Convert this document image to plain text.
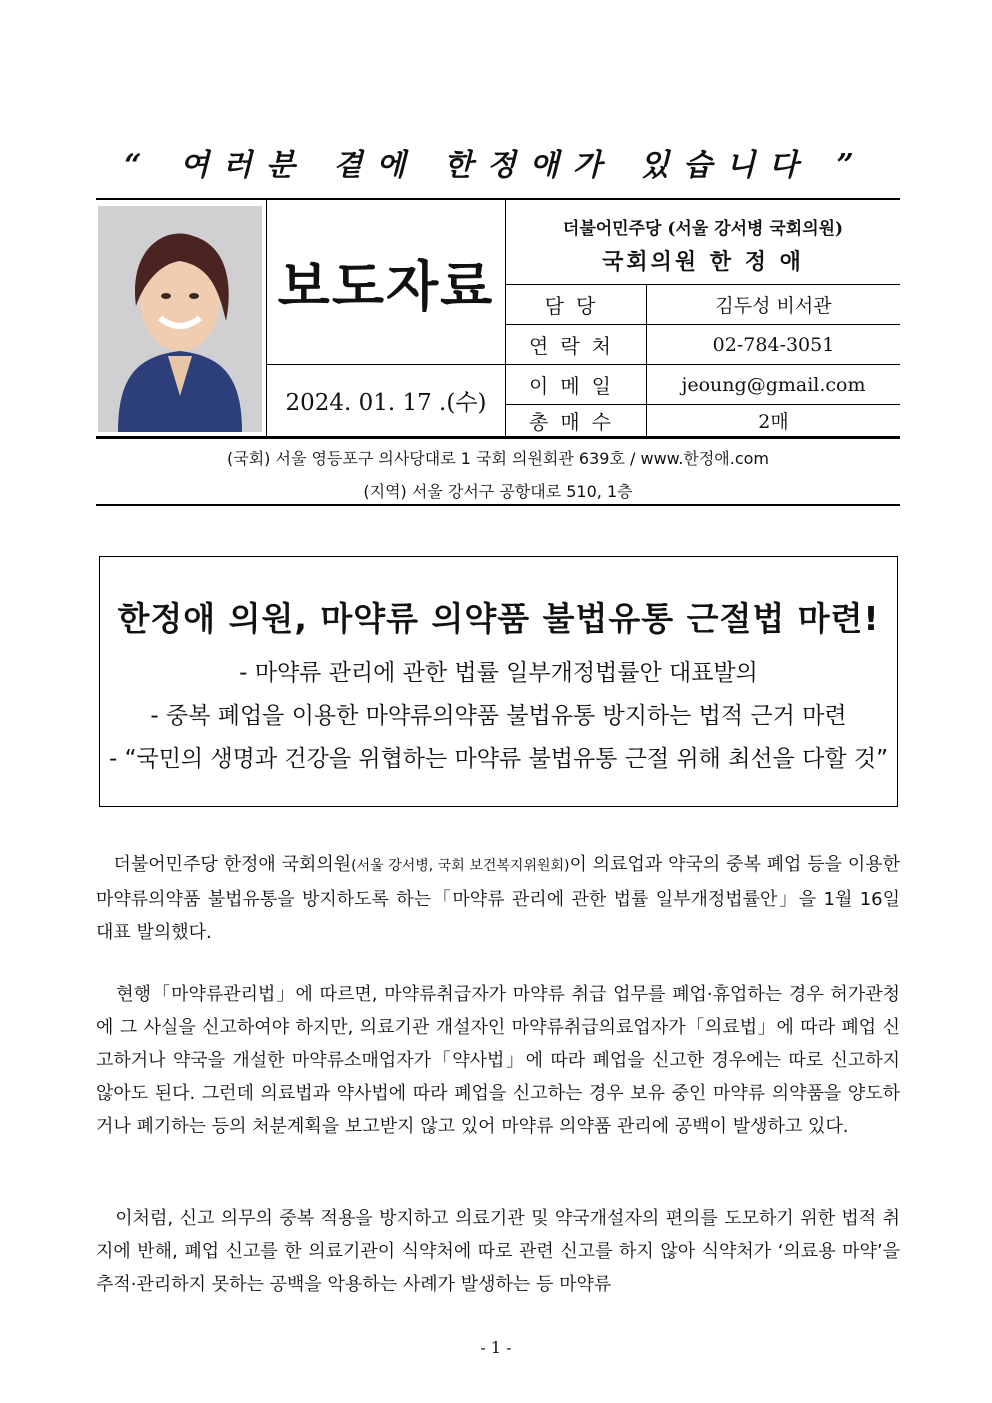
“ 여러분 곁에 한정애가 있습니다 ”
보도자료
2024. 01. 17 .(수)
더불어민주당 (서울 강서병 국회의원)
국회의원 한 정 애
담당	김두성 비서관
연락처	02-784-3051
이메일	jeoung@gmail.com
총매수	2매
(국회) 서울 영등포구 의사당대로 1 국회 의원회관 639호 / www.한정애.com
(지역) 서울 강서구 공항대로 510, 1층
한정애 의원, 마약류 의약품 불법유통 근절법 마련!
- 마약류 관리에 관한 법률 일부개정법률안 대표발의
- 중복 폐업을 이용한 마약류의약품 불법유통 방지하는 법적 근거 마련
- “국민의 생명과 건강을 위협하는 마약류 불법유통 근절 위해 최선을 다할 것”
더불어민주당 한정애 국회의원(서울 강서병, 국회 보건복지위원회)이 의료업과 약국의 중복 폐업 등을 이용한 마약류의약품 불법유통을 방지하도록 하는「마약류 관리에 관한 법률 일부개정법률안」을 1월 16일 대표 발의했다.
현행「마약류관리법」에 따르면, 마약류취급자가 마약류 취급 업무를 폐업·휴업하는 경우 허가관청에 그 사실을 신고하여야 하지만, 의료기관 개설자인 마약류취급의료업자가「의료법」에 따라 폐업 신고하거나 약국을 개설한 마약류소매업자가「약사법」에 따라 폐업을 신고한 경우에는 따로 신고하지 않아도 된다. 그런데 의료법과 약사법에 따라 폐업을 신고하는 경우 보유 중인 마약류 의약품을 양도하거나 폐기하는 등의 처분계획을 보고받지 않고 있어 마약류 의약품 관리에 공백이 발생하고 있다.
이처럼, 신고 의무의 중복 적용을 방지하고 의료기관 및 약국개설자의 편의를 도모하기 위한 법적 취지에 반해, 폐업 신고를 한 의료기관이 식약처에 따로 관련 신고를 하지 않아 식약처가 ‘의료용 마약’을 추적·관리하지 못하는 공백을 악용하는 사례가 발생하는 등 마약류
- 1 -
